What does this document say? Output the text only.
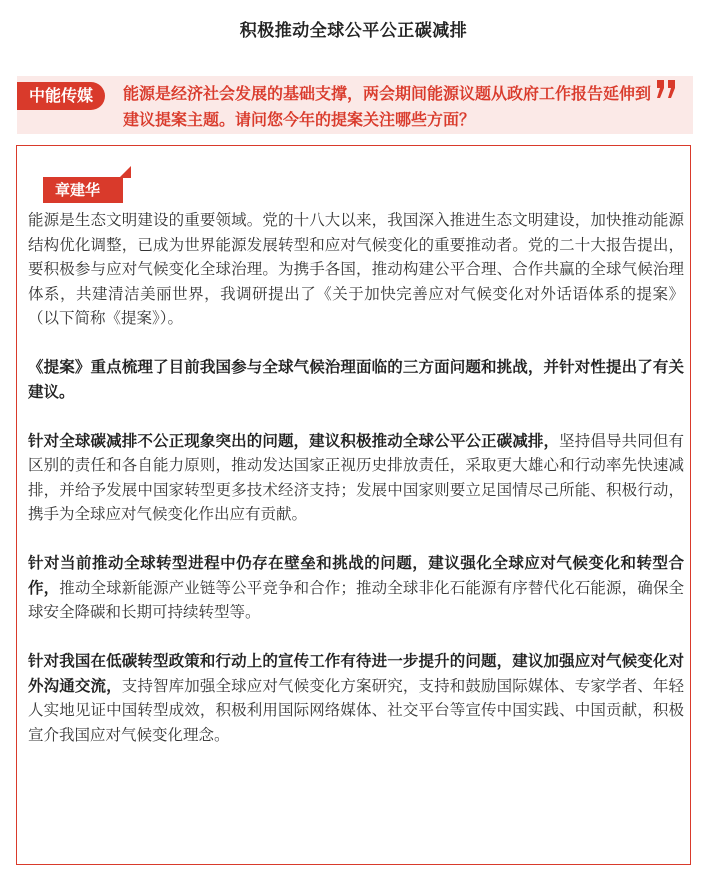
积极推动全球公平公正碳减排
中能传媒	能源是经济社会发展的基础支撑，两会期间能源议题从政府工作报告延伸到建议提案主题。请问您今年的提案关注哪些方面？
章建华

能源是生态文明建设的重要领域。党的十八大以来，我国深入推进生态文明建设，加快推动能源结构优化调整，已成为世界能源发展转型和应对气候变化的重要推动者。党的二十大报告提出，要积极参与应对气候变化全球治理。为携手各国，推动构建公平合理、合作共赢的全球气候治理体系，共建清洁美丽世界，我调研提出了《关于加快完善应对气候变化对外话语体系的提案》（以下简称《提案》）。

《提案》重点梳理了目前我国参与全球气候治理面临的三方面问题和挑战，并针对性提出了有关建议。

针对全球碳减排不公正现象突出的问题，建议积极推动全球公平公正碳减排，坚持倡导共同但有区别的责任和各自能力原则，推动发达国家正视历史排放责任，采取更大雄心和行动率先快速减排，并给予发展中国家转型更多技术经济支持；发展中国家则要立足国情尽己所能、积极行动，携手为全球应对气候变化作出应有贡献。

针对当前推动全球转型进程中仍存在壁垒和挑战的问题，建议强化全球应对气候变化和转型合作，推动全球新能源产业链等公平竞争和合作；推动全球非化石能源有序替代化石能源，确保全球安全降碳和长期可持续转型等。

针对我国在低碳转型政策和行动上的宣传工作有待进一步提升的问题，建议加强应对气候变化对外沟通交流，支持智库加强全球应对气候变化方案研究，支持和鼓励国际媒体、专家学者、年轻人实地见证中国转型成效，积极利用国际网络媒体、社交平台等宣传中国实践、中国贡献，积极宣介我国应对气候变化理念。
